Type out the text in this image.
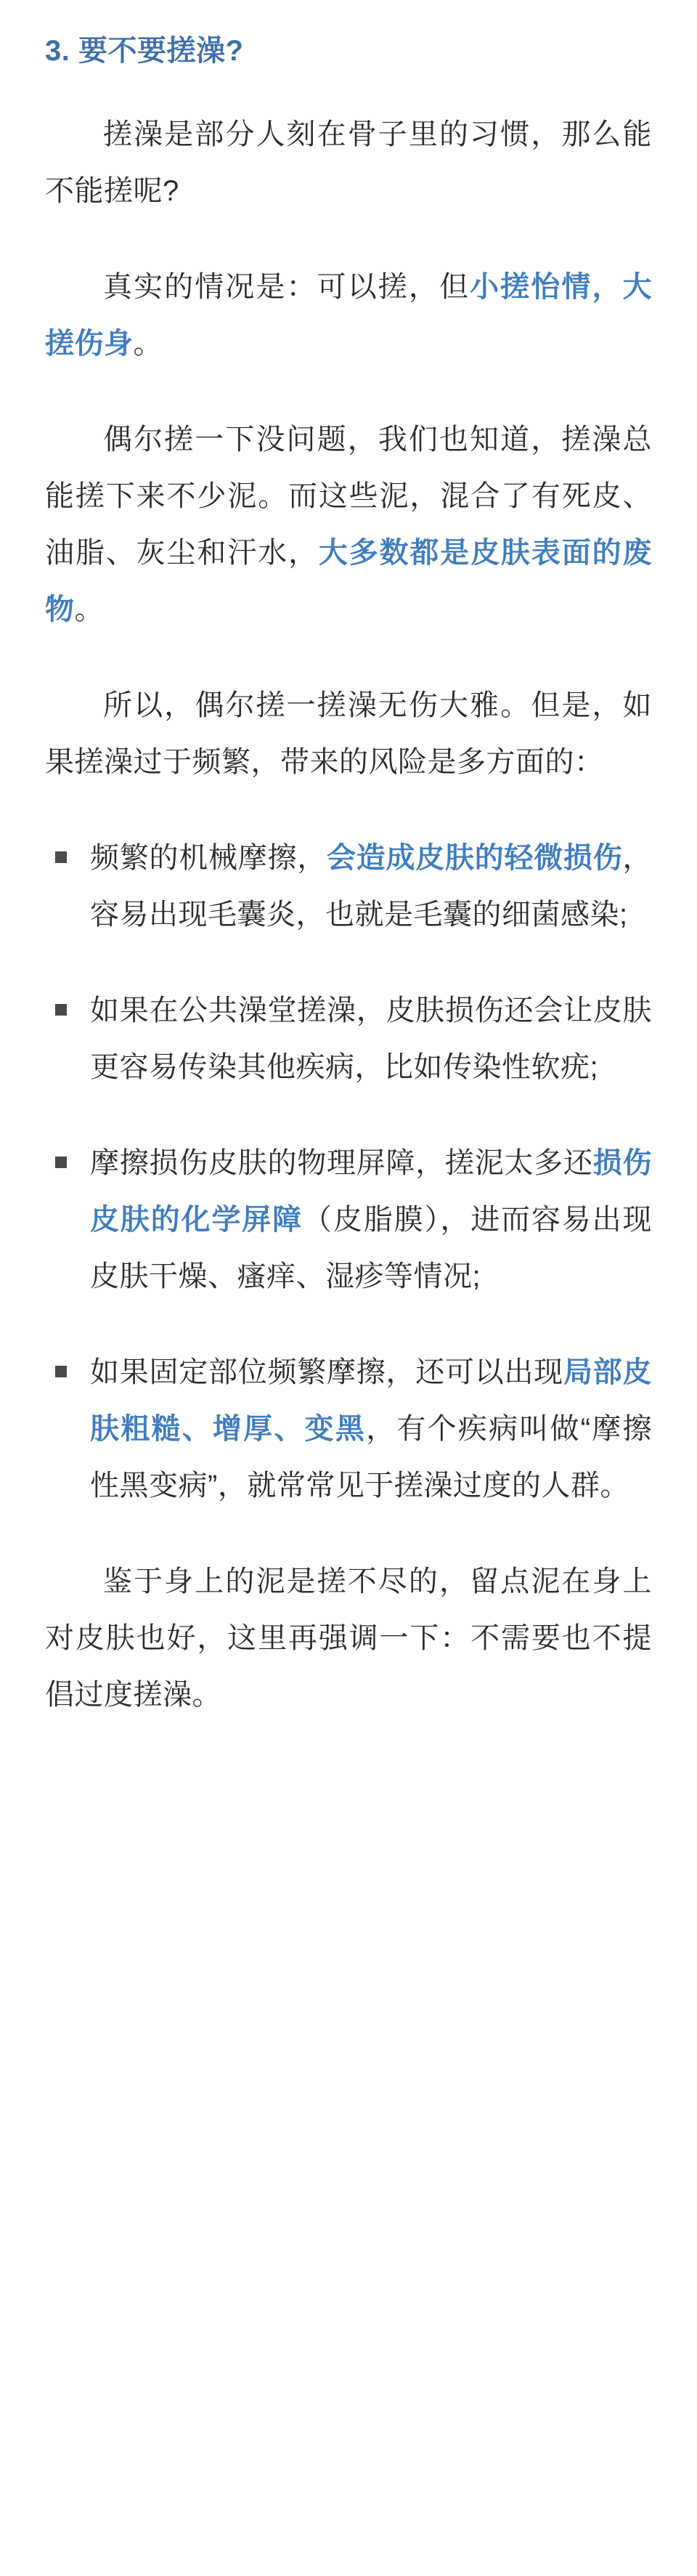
3. 要不要搓澡?

搓澡是部分人刻在骨子里的习惯，那么能不能搓呢?

真实的情况是：可以搓，但小搓怡情，大搓伤身。

偶尔搓一下没问题，我们也知道，搓澡总能搓下来不少泥。而这些泥，混合了有死皮、油脂、灰尘和汗水，大多数都是皮肤表面的废物。

所以，偶尔搓一搓澡无伤大雅。但是，如果搓澡过于频繁，带来的风险是多方面的：

频繁的机械摩擦，会造成皮肤的轻微损伤，容易出现毛囊炎，也就是毛囊的细菌感染;
如果在公共澡堂搓澡，皮肤损伤还会让皮肤更容易传染其他疾病，比如传染性软疣;
摩擦损伤皮肤的物理屏障，搓泥太多还损伤皮肤的化学屏障（皮脂膜），进而容易出现皮肤干燥、瘙痒、湿疹等情况;
如果固定部位频繁摩擦，还可以出现局部皮肤粗糙、增厚、变黑，有个疾病叫做“摩擦性黑变病”，就常常见于搓澡过度的人群。

鉴于身上的泥是搓不尽的，留点泥在身上对皮肤也好，这里再强调一下：不需要也不提倡过度搓澡。
